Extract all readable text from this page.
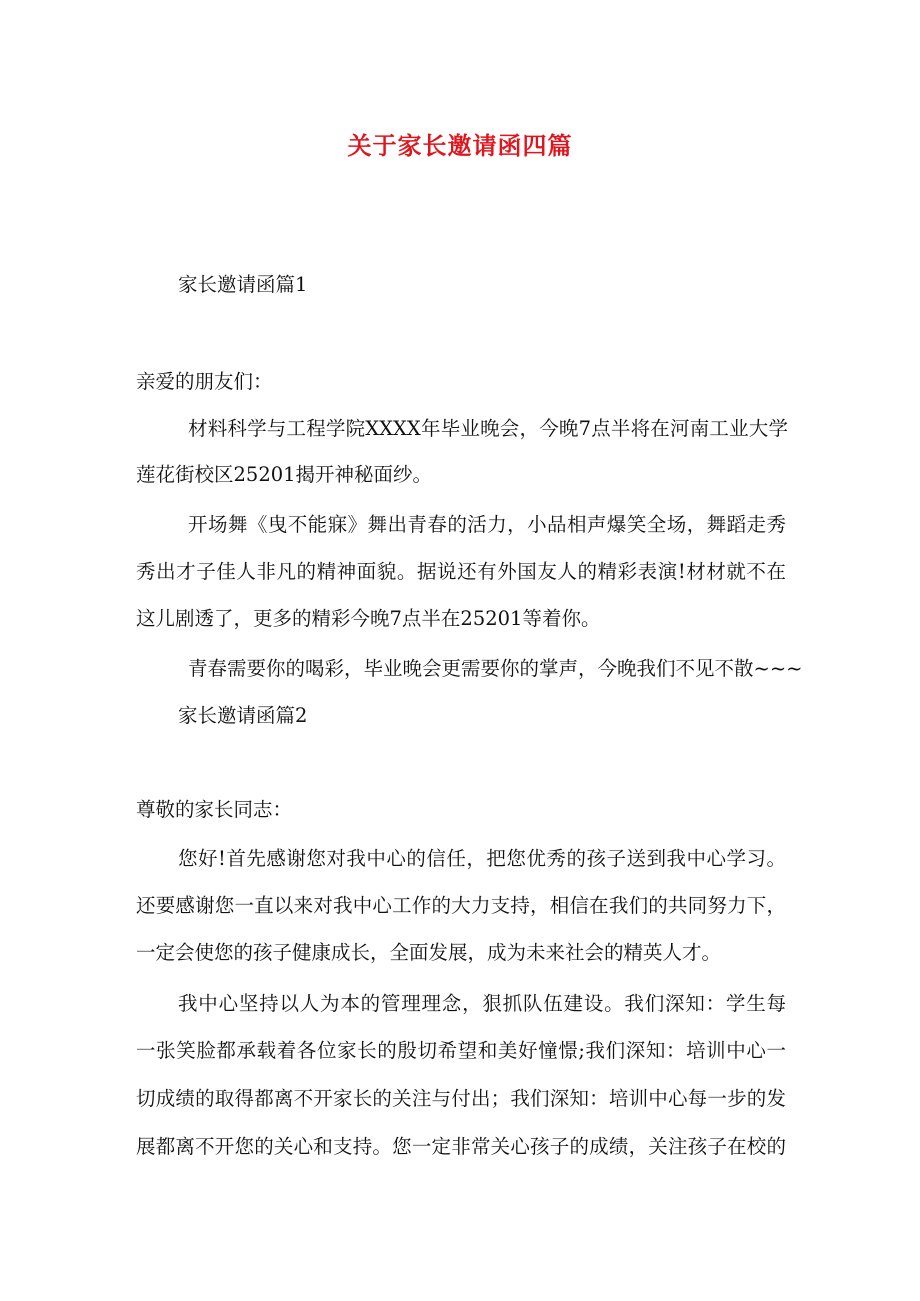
关于家长邀请函四篇
家长邀请函篇1
亲爱的朋友们：
材料科学与工程学院XXXX年毕业晚会，今晚7点半将在河南工业大学
莲花街校区25201揭开神秘面纱。
开场舞《曳不能寐》舞出青春的活力，小品相声爆笑全场，舞蹈走秀
秀出才子佳人非凡的精神面貌。据说还有外国友人的精彩表演!材材就不在
这儿剧透了，更多的精彩今晚7点半在25201等着你。
青春需要你的喝彩，毕业晚会更需要你的掌声，今晚我们不见不散~~~
家长邀请函篇2
尊敬的家长同志：
您好!首先感谢您对我中心的信任，把您优秀的孩子送到我中心学习。
还要感谢您一直以来对我中心工作的大力支持，相信在我们的共同努力下，
一定会使您的孩子健康成长，全面发展，成为未来社会的精英人才。
我中心坚持以人为本的管理理念，狠抓队伍建设。我们深知：学生每
一张笑脸都承载着各位家长的殷切希望和美好憧憬;我们深知：培训中心一
切成绩的取得都离不开家长的关注与付出；我们深知：培训中心每一步的发
展都离不开您的关心和支持。您一定非常关心孩子的成绩，关注孩子在校的
